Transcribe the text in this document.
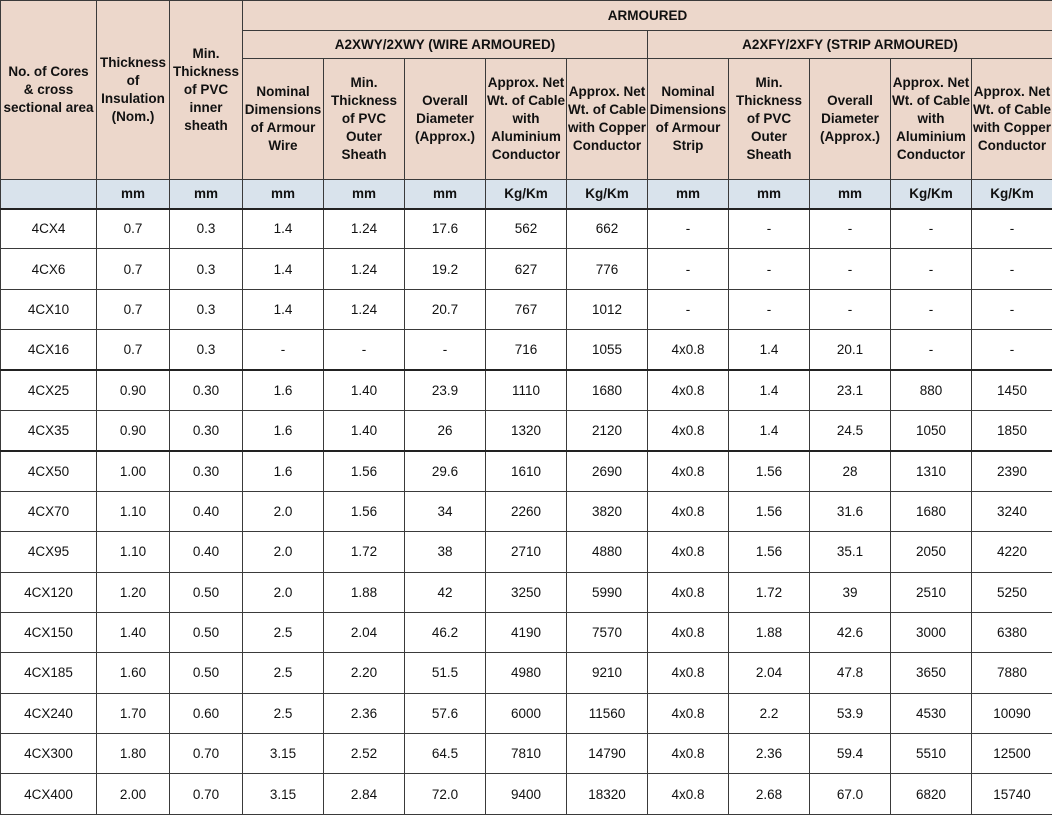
No. of Cores & cross sectional area	Thickness of Insulation (Nom.)	Min. Thickness of PVC inner sheath	ARMOURED									
			A2XWY/2XWY (WIRE ARMOURED)					A2XFY/2XFY (STRIP ARMOURED)				
			Nominal Dimensions of Armour Wire	Min. Thickness of PVC Outer Sheath	Overall Diameter (Approx.)	Approx. Net Wt. of Cable with Aluminium Conductor	Approx. Net Wt. of Cable with Copper Conductor	Nominal Dimensions of Armour Strip	Min. Thickness of PVC Outer Sheath	Overall Diameter (Approx.)	Approx. Net Wt. of Cable with Aluminium Conductor	Approx. Net Wt. of Cable with Copper Conductor
	mm	mm	mm	mm	mm	Kg/Km	Kg/Km	mm	mm	mm	Kg/Km	Kg/Km
4CX4	0.7	0.3	1.4	1.24	17.6	562	662	-	-	-	-	-
4CX6	0.7	0.3	1.4	1.24	19.2	627	776	-	-	-	-	-
4CX10	0.7	0.3	1.4	1.24	20.7	767	1012	-	-	-	-	-
4CX16	0.7	0.3	-	-	-	716	1055	4x0.8	1.4	20.1	-	-
4CX25	0.90	0.30	1.6	1.40	23.9	1110	1680	4x0.8	1.4	23.1	880	1450
4CX35	0.90	0.30	1.6	1.40	26	1320	2120	4x0.8	1.4	24.5	1050	1850
4CX50	1.00	0.30	1.6	1.56	29.6	1610	2690	4x0.8	1.56	28	1310	2390
4CX70	1.10	0.40	2.0	1.56	34	2260	3820	4x0.8	1.56	31.6	1680	3240
4CX95	1.10	0.40	2.0	1.72	38	2710	4880	4x0.8	1.56	35.1	2050	4220
4CX120	1.20	0.50	2.0	1.88	42	3250	5990	4x0.8	1.72	39	2510	5250
4CX150	1.40	0.50	2.5	2.04	46.2	4190	7570	4x0.8	1.88	42.6	3000	6380
4CX185	1.60	0.50	2.5	2.20	51.5	4980	9210	4x0.8	2.04	47.8	3650	7880
4CX240	1.70	0.60	2.5	2.36	57.6	6000	11560	4x0.8	2.2	53.9	4530	10090
4CX300	1.80	0.70	3.15	2.52	64.5	7810	14790	4x0.8	2.36	59.4	5510	12500
4CX400	2.00	0.70	3.15	2.84	72.0	9400	18320	4x0.8	2.68	67.0	6820	15740
